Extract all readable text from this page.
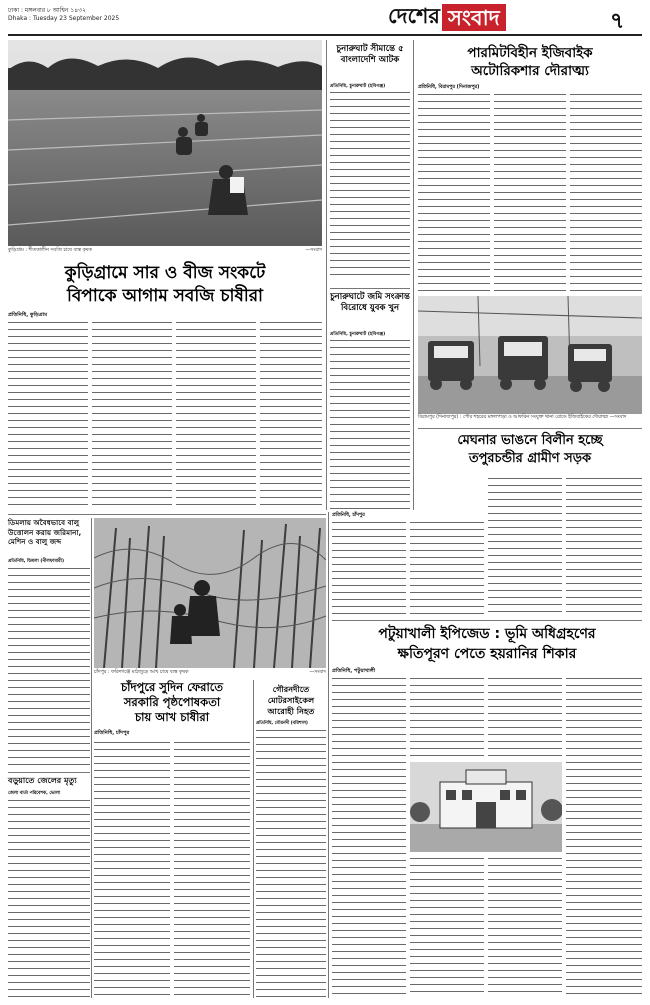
ঢাকা : মঙ্গলবার ৮ আশ্বিন ১৪৩২
Dhaka : Tuesday 23 September 2025	দেশের সংবাদ	৭
কুড়িগ্রাম : শীতকালীন সবজি চাষে ব্যস্ত কৃষক	—সংবাদ
কুড়িগ্রামে সার ও বীজ সংকটে
বিপাকে আগাম সবজি চাষীরা
প্রতিনিধি, কুড়িগ্রাম
চুনারুঘাট সীমান্তে ৫ বাংলাদেশি আটক
প্রতিনিধি, চুনারুঘাট (হবিগঞ্জ)
চুনারুঘাটে জমি সংক্রান্ত বিরোধে যুবক খুন
প্রতিনিধি, চুনারুঘাট (হবিগঞ্জ)
পারমিটবিহীন ইজিবাইক
অটোরিকশার দৌরাত্ম্য
প্রতিনিধি, বিরামপুর (দিনাজপুর)
বিরামপুর (দিনাজপুর) : পৌর শহরের মঙ্গলপাড়া ও আফরিন সংযুক্ত থানা রোডে ইজিবাইকের দৌরাত্ম্য —সংবাদ
মেঘনার ভাঙনে বিলীন হচ্ছে
তপুরচন্ডীর গ্রামীণ সড়ক
প্রতিনিধি, চাঁদপুর
ডিমলায় অবৈধভাবে বালু উত্তোলন করায় জরিমানা, মেশিন ও বালু জব্দ
প্রতিনিধি, ডিমলা (নীলফামারী)
চাঁদপুর : ফরিদগঞ্জে মাঠজুড়ে আখ চাষে ব্যস্ত কৃষক	—সংবাদ
চাঁদপুরে সুদিন ফেরাতে
সরকারি পৃষ্ঠপোষকতা
চায় আখ চাষীরা
প্রতিনিধি, চাঁদপুর
গৌরনদীতে মোটরসাইকেল আরোহী নিহত
প্রতিনিধি, গৌরনদী (বরিশাল)
বড়ুয়াতে জেলের মৃত্যু
জেলা বার্তা পরিবেশক, ভোলা
পটুয়াখালী ইপিজেড : ভূমি অধিগ্রহণের
ক্ষতিপূরণ পেতে হয়রানির শিকার
প্রতিনিধি, পটুয়াখালী
